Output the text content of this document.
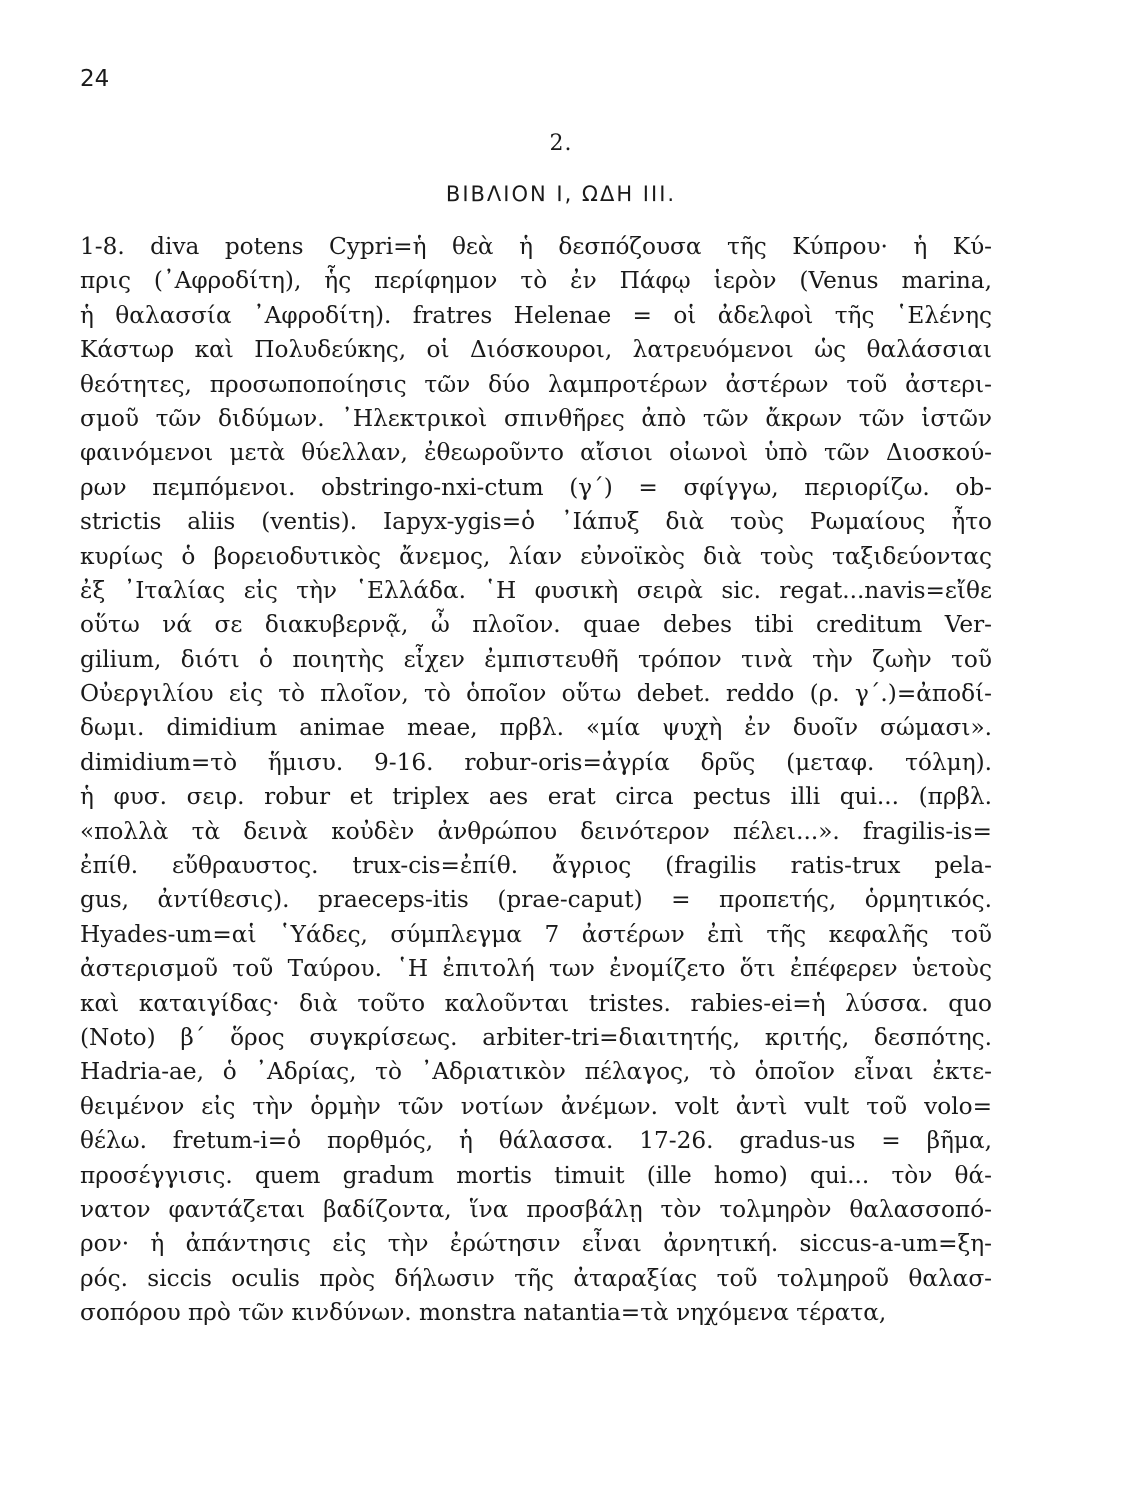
24
2.
ΒΙΒΛΙΟΝ Ι, ΩΔΗ ΙΙΙ.
1-8. diva potens Cypri=ἡ θεὰ ἡ δεσπόζουσα τῆς Κύπρου· ἡ Κύ-
πρις (᾿Αφροδίτη), ἧς περίφημον τὸ ἐν Πάφῳ ἱερὸν (Venus marina,
ἡ θαλασσία ᾿Αφροδίτη). fratres Helenae = οἱ ἀδελφοὶ τῆς ῾Ελένης
Κάστωρ καὶ Πολυδεύκης, οἱ Διόσκουροι, λατρευόμενοι ὡς θαλάσσιαι
θεότητες, προσωποποίησις τῶν δύο λαμπροτέρων ἀστέρων τοῦ ἀστερι-
σμοῦ τῶν διδύμων. ᾿Ηλεκτρικοὶ σπινθῆρες ἀπὸ τῶν ἄκρων τῶν ἱστῶν
φαινόμενοι μετὰ θύελλαν, ἐθεωροῦντο αἴσιοι οἰωνοὶ ὑπὸ τῶν Διοσκού-
ρων πεμπόμενοι. obstringo-nxi-ctum (γ΄) = σφίγγω, περιορίζω. ob-
strictis aliis (ventis). Iapyx-ygis=ὁ ᾿Ιάπυξ διὰ τοὺς Ρωμαίους ἦτο
κυρίως ὁ βορειοδυτικὸς ἄνεμος, λίαν εὐνοϊκὸς διὰ τοὺς ταξιδεύοντας
ἐξ ᾿Ιταλίας εἰς τὴν ῾Ελλάδα. ῾Η φυσικὴ σειρὰ sic. regat...navis=εἴθε
οὕτω νά σε διακυβερνᾷ, ὦ πλοῖον. quae debes tibi creditum Ver-
gilium, διότι ὁ ποιητὴς εἶχεν ἐμπιστευθῆ τρόπον τινὰ τὴν ζωὴν τοῦ
Οὐεργιλίου εἰς τὸ πλοῖον, τὸ ὁποῖον οὕτω debet. reddo (ρ. γ΄.)=ἀποδί-
δωμι. dimidium animae meae, πρβλ. «μία ψυχὴ ἐν δυοῖν σώμασι».
dimidium=τὸ ἥμισυ. 9-16. robur-oris=ἀγρία δρῦς (μεταφ. τόλμη).
ἡ φυσ. σειρ. robur et triplex aes erat circa pectus illi qui... (πρβλ.
«πολλὰ τὰ δεινὰ κοὐδὲν ἀνθρώπου δεινότερον πέλει...». fragilis-is=
ἐπίθ. εὔθραυστος. trux-cis=ἐπίθ. ἄγριος (fragilis ratis-trux pela-
gus, ἀντίθεσις). praeceps-itis (prae-caput) = προπετής, ὁρμητικός.
Hyades-um=αἱ ῾Υάδες, σύμπλεγμα 7 ἀστέρων ἐπὶ τῆς κεφαλῆς τοῦ
ἀστερισμοῦ τοῦ Ταύρου. ῾Η ἐπιτολή των ἐνομίζετο ὅτι ἐπέφερεν ὑετοὺς
καὶ καταιγίδας· διὰ τοῦτο καλοῦνται tristes. rabies-ei=ἡ λύσσα. quo
(Noto) β΄ ὅρος συγκρίσεως. arbiter-tri=διαιτητής, κριτής, δεσπότης.
Hadria-ae, ὁ ᾿Αδρίας, τὸ ᾿Αδριατικὸν πέλαγος, τὸ ὁποῖον εἶναι ἐκτε-
θειμένον εἰς τὴν ὁρμὴν τῶν νοτίων ἀνέμων. volt ἀντὶ vult τοῦ volo=
θέλω. fretum-i=ὁ πορθμός, ἡ θάλασσα. 17-26. gradus-us = βῆμα,
προσέγγισις. quem gradum mortis timuit (ille homo) qui... τὸν θά-
νατον φαντάζεται βαδίζοντα, ἵνα προσβάλῃ τὸν τολμηρὸν θαλασσοπό-
ρον· ἡ ἀπάντησις εἰς τὴν ἐρώτησιν εἶναι ἀρνητική. siccus-a-um=ξη-
ρός. siccis oculis πρὸς δήλωσιν τῆς ἀταραξίας τοῦ τολμηροῦ θαλασ-
σοπόρου πρὸ τῶν κινδύνων. monstra natantia=τὰ νηχόμενα τέρατα,
